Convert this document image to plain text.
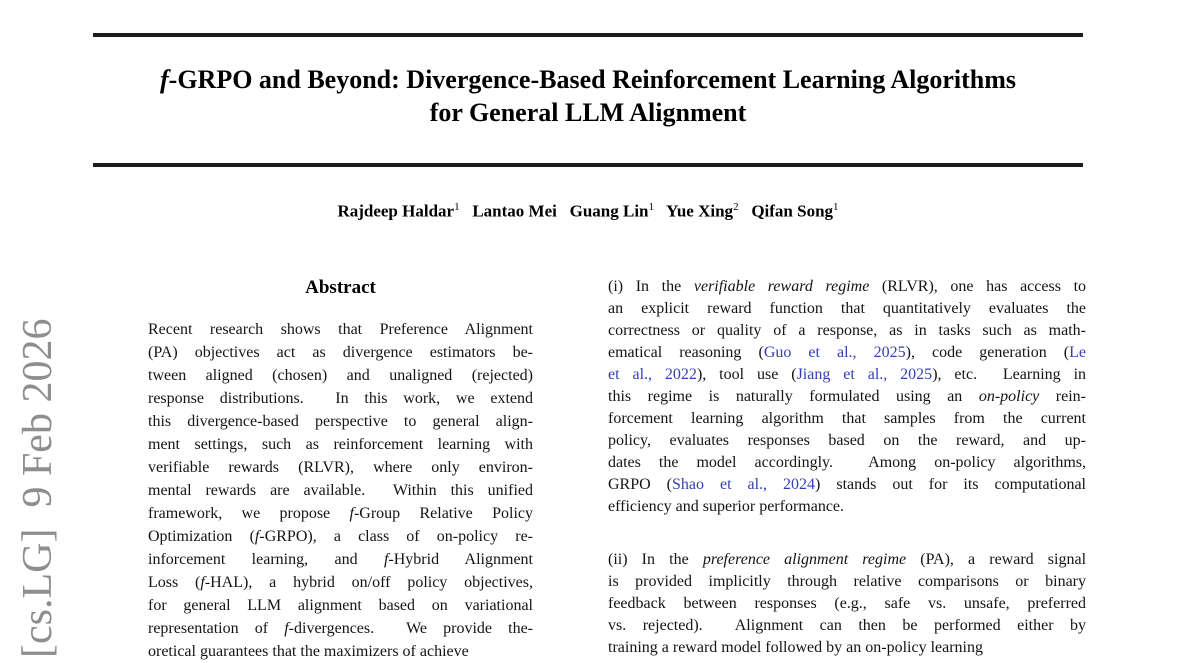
[cs.LG]  9 Feb 2026
f-GRPO and Beyond: Divergence-Based Reinforcement Learning Algorithms
for General LLM Alignment
Rajdeep Haldar$^1$  Lantao Mei  Guang Lin$^1$  Yue Xing$^2$  Qifan Song$^1$
Abstract
Recent research shows that Preference Alignment
(PA) objectives act as divergence estimators be-
tween aligned (chosen) and unaligned (rejected)
response distributions.  In this work, we extend
this divergence-based perspective to general align-
ment settings, such as reinforcement learning with
verifiable rewards (RLVR), where only environ-
mental rewards are available.  Within this unified
framework, we propose f-Group Relative Policy
Optimization (f-GRPO), a class of on-policy re-
inforcement learning, and f-Hybrid Alignment
Loss (f-HAL), a hybrid on/off policy objectives,
for general LLM alignment based on variational
representation of f-divergences.  We provide the-
oretical guarantees that the maximizers of achieve
(i) In the verifiable reward regime (RLVR), one has access to
an explicit reward function that quantitatively evaluates the
correctness or quality of a response, as in tasks such as math-
ematical reasoning (Guo et al., 2025), code generation (Le
et al., 2022), tool use (Jiang et al., 2025), etc.  Learning in
this regime is naturally formulated using an on-policy rein-
forcement learning algorithm that samples from the current
policy, evaluates responses based on the reward, and up-
dates the model accordingly.  Among on-policy algorithms,
GRPO (Shao et al., 2024) stands out for its computational
efficiency and superior performance.
(ii) In the preference alignment regime (PA), a reward signal
is provided implicitly through relative comparisons or binary
feedback between responses (e.g., safe vs. unsafe, preferred
vs. rejected).  Alignment can then be performed either by
training a reward model followed by an on-policy learning
